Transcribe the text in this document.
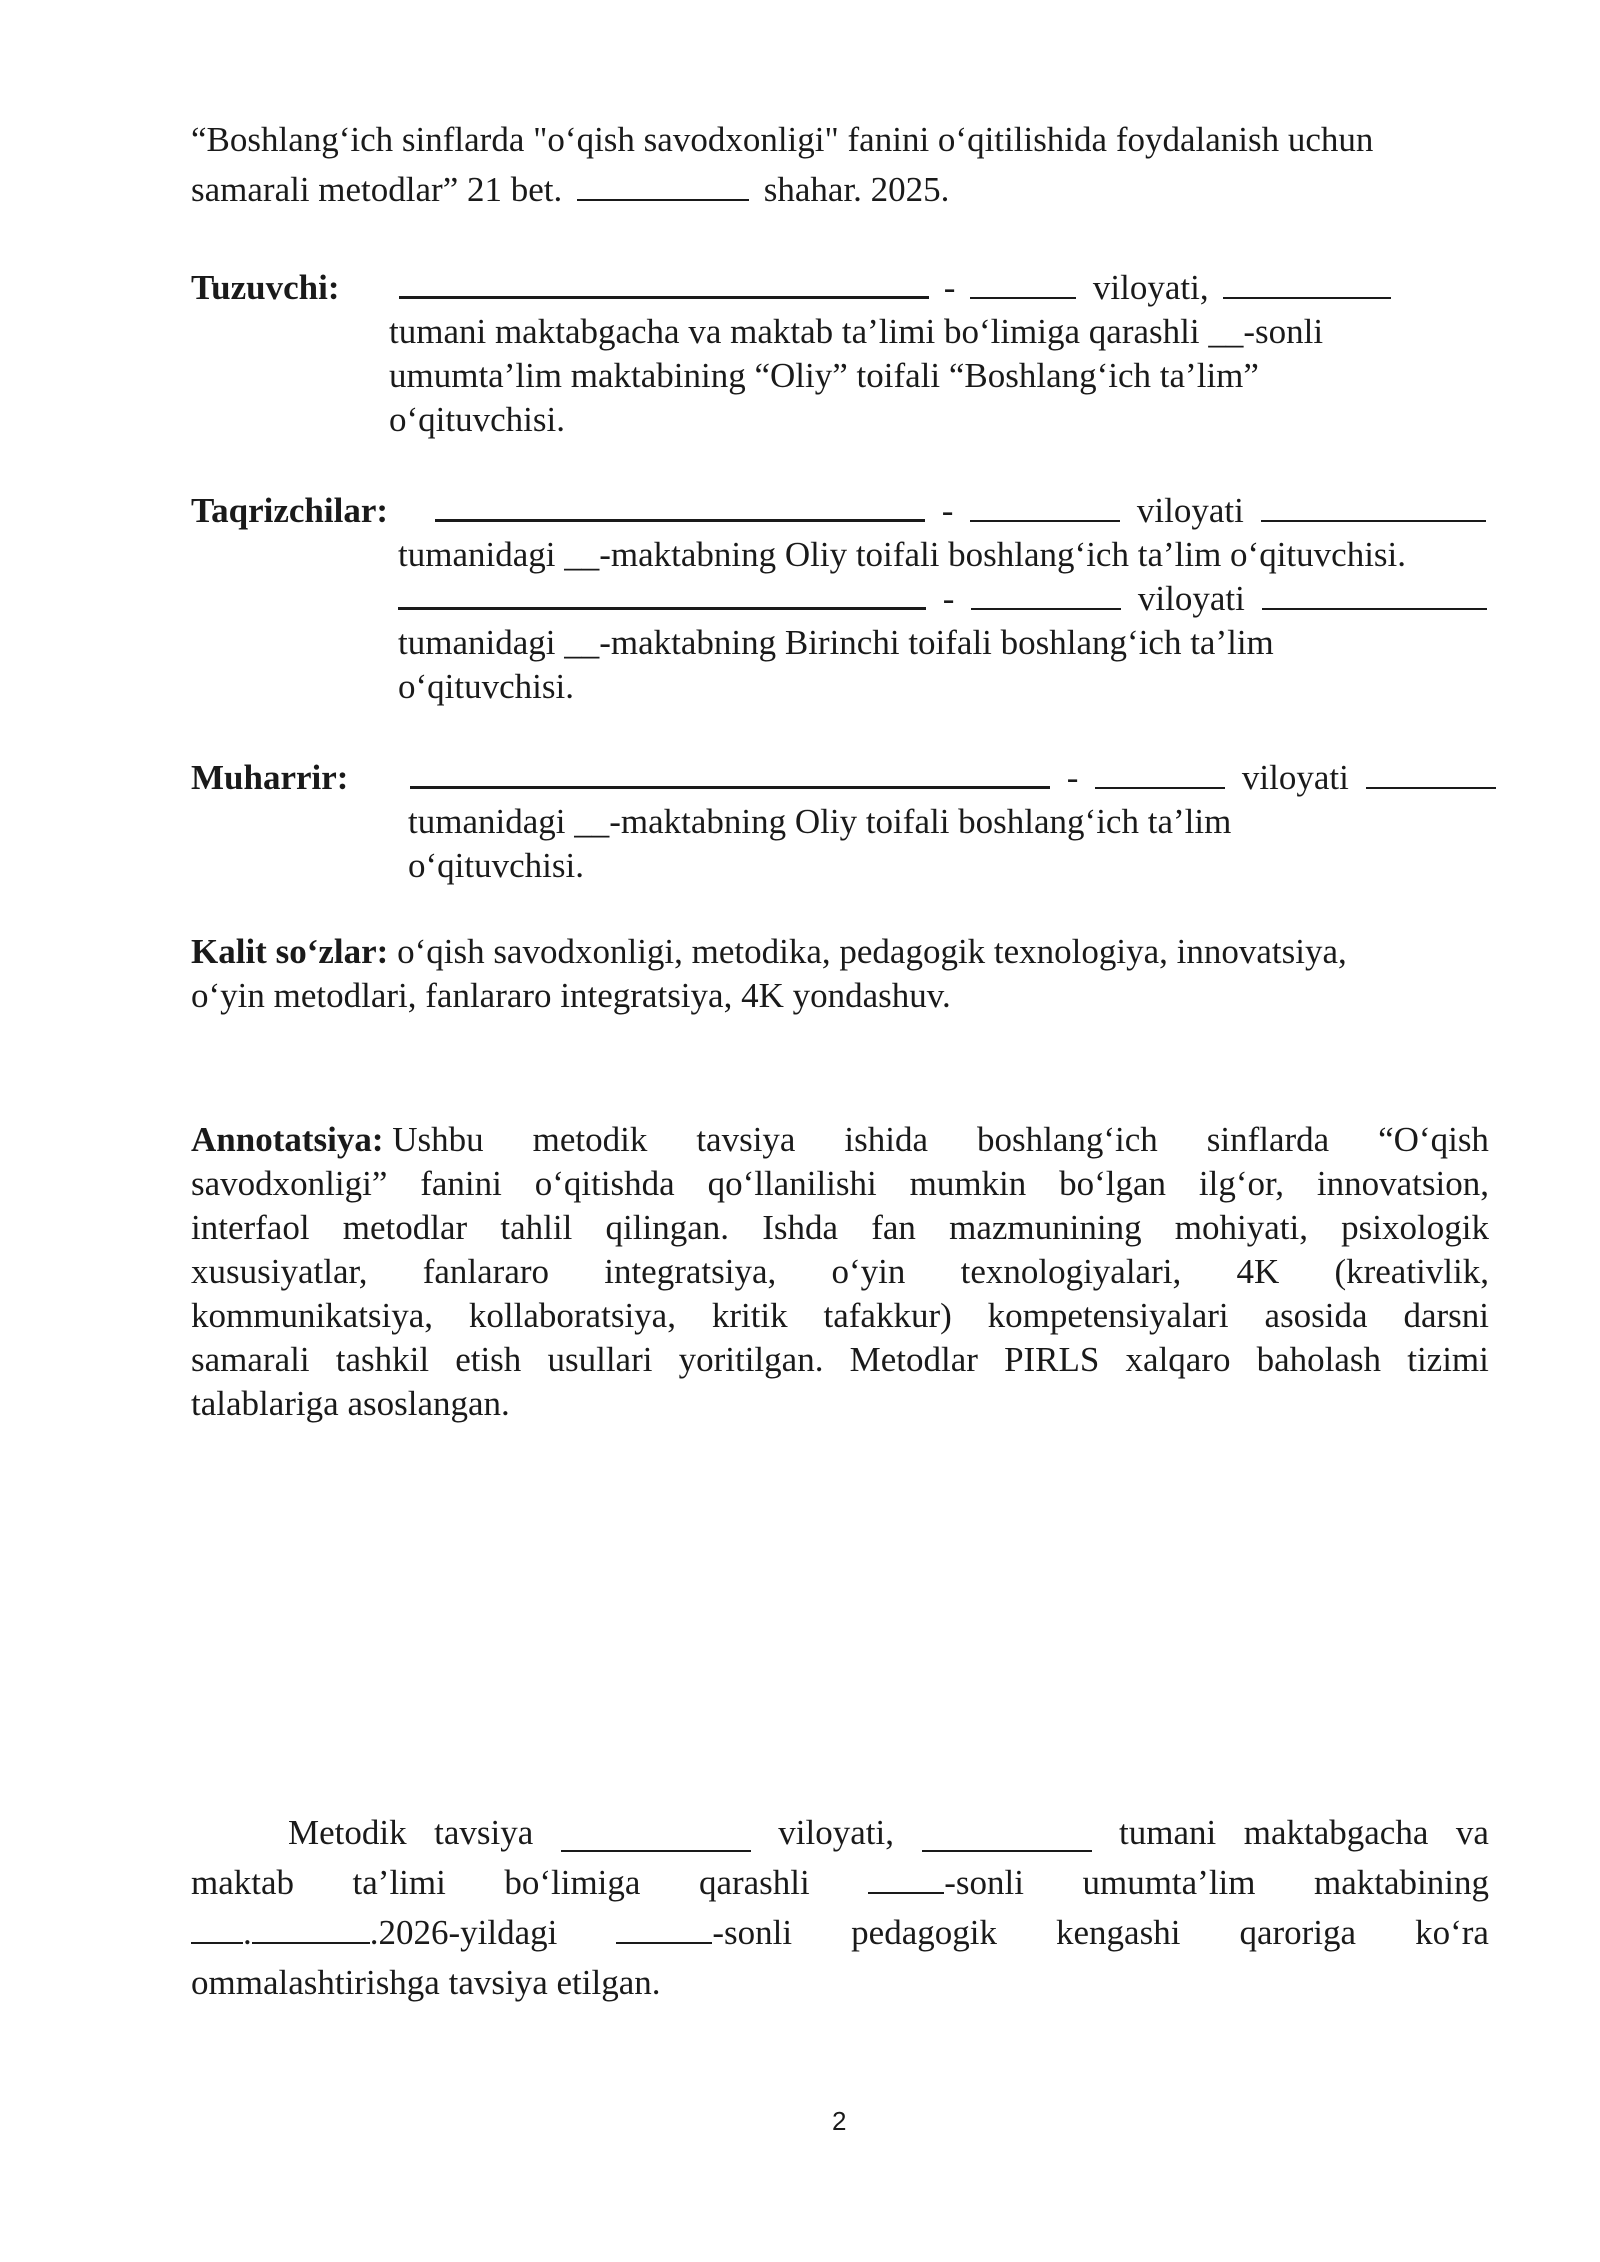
“Boshlang‘ich sinflarda "o‘qish savodxonligi" fanini o‘qitilishida foydalanish uchun
samarali metodlar” 21 bet.	shahar. 2025.
Tuzuvchi:	-	viloyati,
tumani maktabgacha va maktab ta’limi bo‘limiga qarashli __-sonli
umumta’lim maktabining “Oliy” toifali “Boshlang‘ich ta’lim”
o‘qituvchisi.
Taqrizchilar:	-	viloyati
tumanidagi __-maktabning Oliy toifali boshlang‘ich ta’lim o‘qituvchisi.
-	viloyati
tumanidagi __-maktabning Birinchi toifali boshlang‘ich ta’lim
o‘qituvchisi.
Muharrir:	-	viloyati
tumanidagi __-maktabning Oliy toifali boshlang‘ich ta’lim
o‘qituvchisi.
Kalit so‘zlar: o‘qish savodxonligi, metodika, pedagogik texnologiya, innovatsiya,
o‘yin metodlari, fanlararo integratsiya, 4K yondashuv.
Annotatsiya: Ushbu metodik tavsiya ishida boshlang‘ich sinflarda “O‘qish
savodxonligi” fanini o‘qitishda qo‘llanilishi mumkin bo‘lgan ilg‘or, innovatsion,
interfaol metodlar tahlil qilingan. Ishda fan mazmunining mohiyati, psixologik
xususiyatlar, fanlararo integratsiya, o‘yin texnologiyalari, 4K (kreativlik,
kommunikatsiya, kollaboratsiya, kritik tafakkur) kompetensiyalari asosida darsni
samarali tashkil etish usullari yoritilgan. Metodlar PIRLS xalqaro baholash tizimi
talablariga asoslangan.
Metodik tavsiya	viloyati,	tumani maktabgacha va
maktab ta’limi bo‘limiga qarashli	-sonli umumta’lim maktabining
.	.2026-yildagi	-sonli pedagogik kengashi qaroriga ko‘ra
ommalashtirishga tavsiya etilgan.
2
